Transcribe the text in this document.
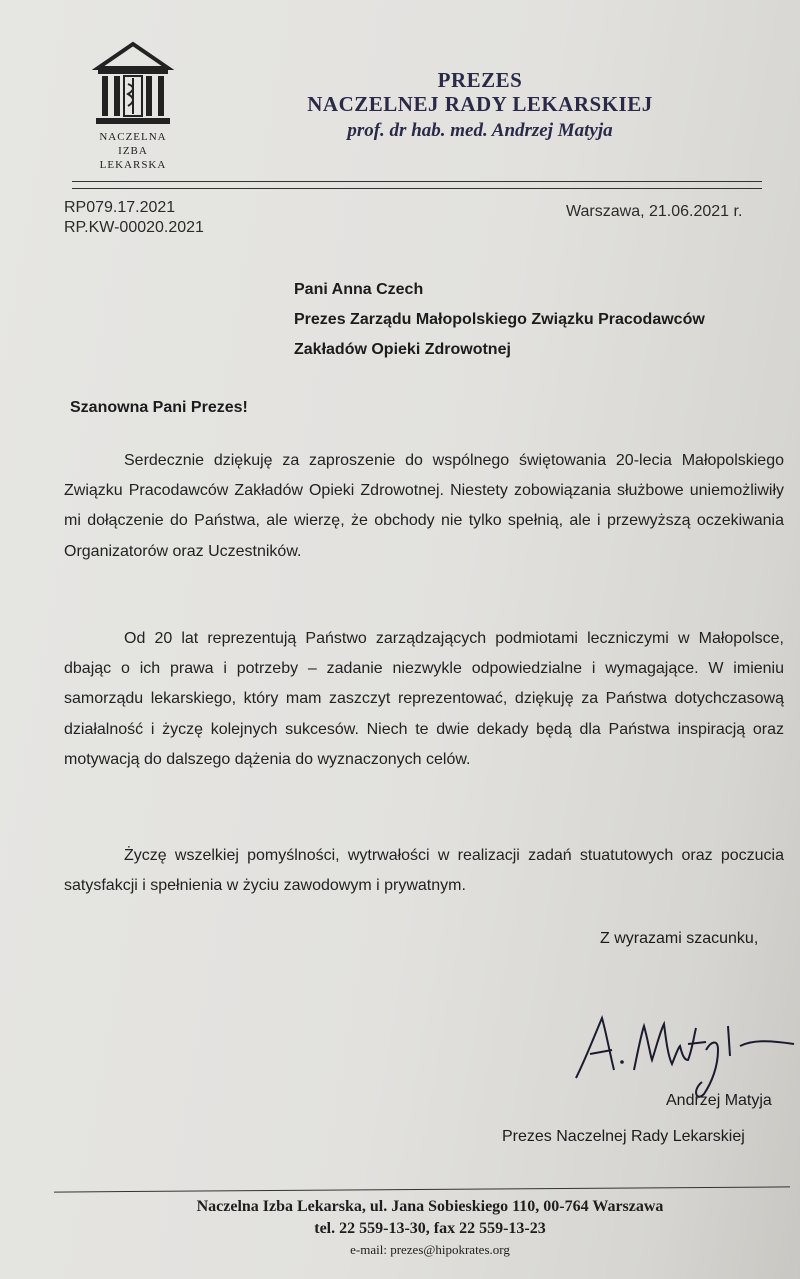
NACZELNA
IZBA LEKARSKA
PREZES
NACZELNEJ RADY LEKARSKIEJ
prof. dr hab. med. Andrzej Matyja
RP079.17.2021
RP.KW-00020.2021
Warszawa, 21.06.2021 r.
Pani Anna Czech
Prezes Zarządu Małopolskiego Związku Pracodawców
Zakładów Opieki Zdrowotnej
Szanowna Pani Prezes!
Serdecznie dziękuję za zaproszenie do wspólnego świętowania 20-lecia Małopolskiego Związku Pracodawców Zakładów Opieki Zdrowotnej. Niestety zobowiązania służbowe uniemożliwiły mi dołączenie do Państwa, ale wierzę, że obchody nie tylko spełnią, ale i przewyższą oczekiwania Organizatorów oraz Uczestników.
Od 20 lat reprezentują Państwo zarządzających podmiotami leczniczymi w Małopolsce, dbając o ich prawa i potrzeby – zadanie niezwykle odpowiedzialne i wymagające. W imieniu samorządu lekarskiego, który mam zaszczyt reprezentować, dziękuję za Państwa dotychczasową działalność i życzę kolejnych sukcesów. Niech te dwie dekady będą dla Państwa inspiracją oraz motywacją do dalszego dążenia do wyznaczonych celów.
Życzę wszelkiej pomyślności, wytrwałości w realizacji zadań stuatutowych oraz poczucia satysfakcji i spełnienia w życiu zawodowym i prywatnym.
Z wyrazami szacunku,
Andrzej Matyja
Prezes Naczelnej Rady Lekarskiej
Naczelna Izba Lekarska, ul. Jana Sobieskiego 110, 00-764 Warszawa
tel. 22 559-13-30, fax 22 559-13-23
e-mail: prezes@hipokrates.org
